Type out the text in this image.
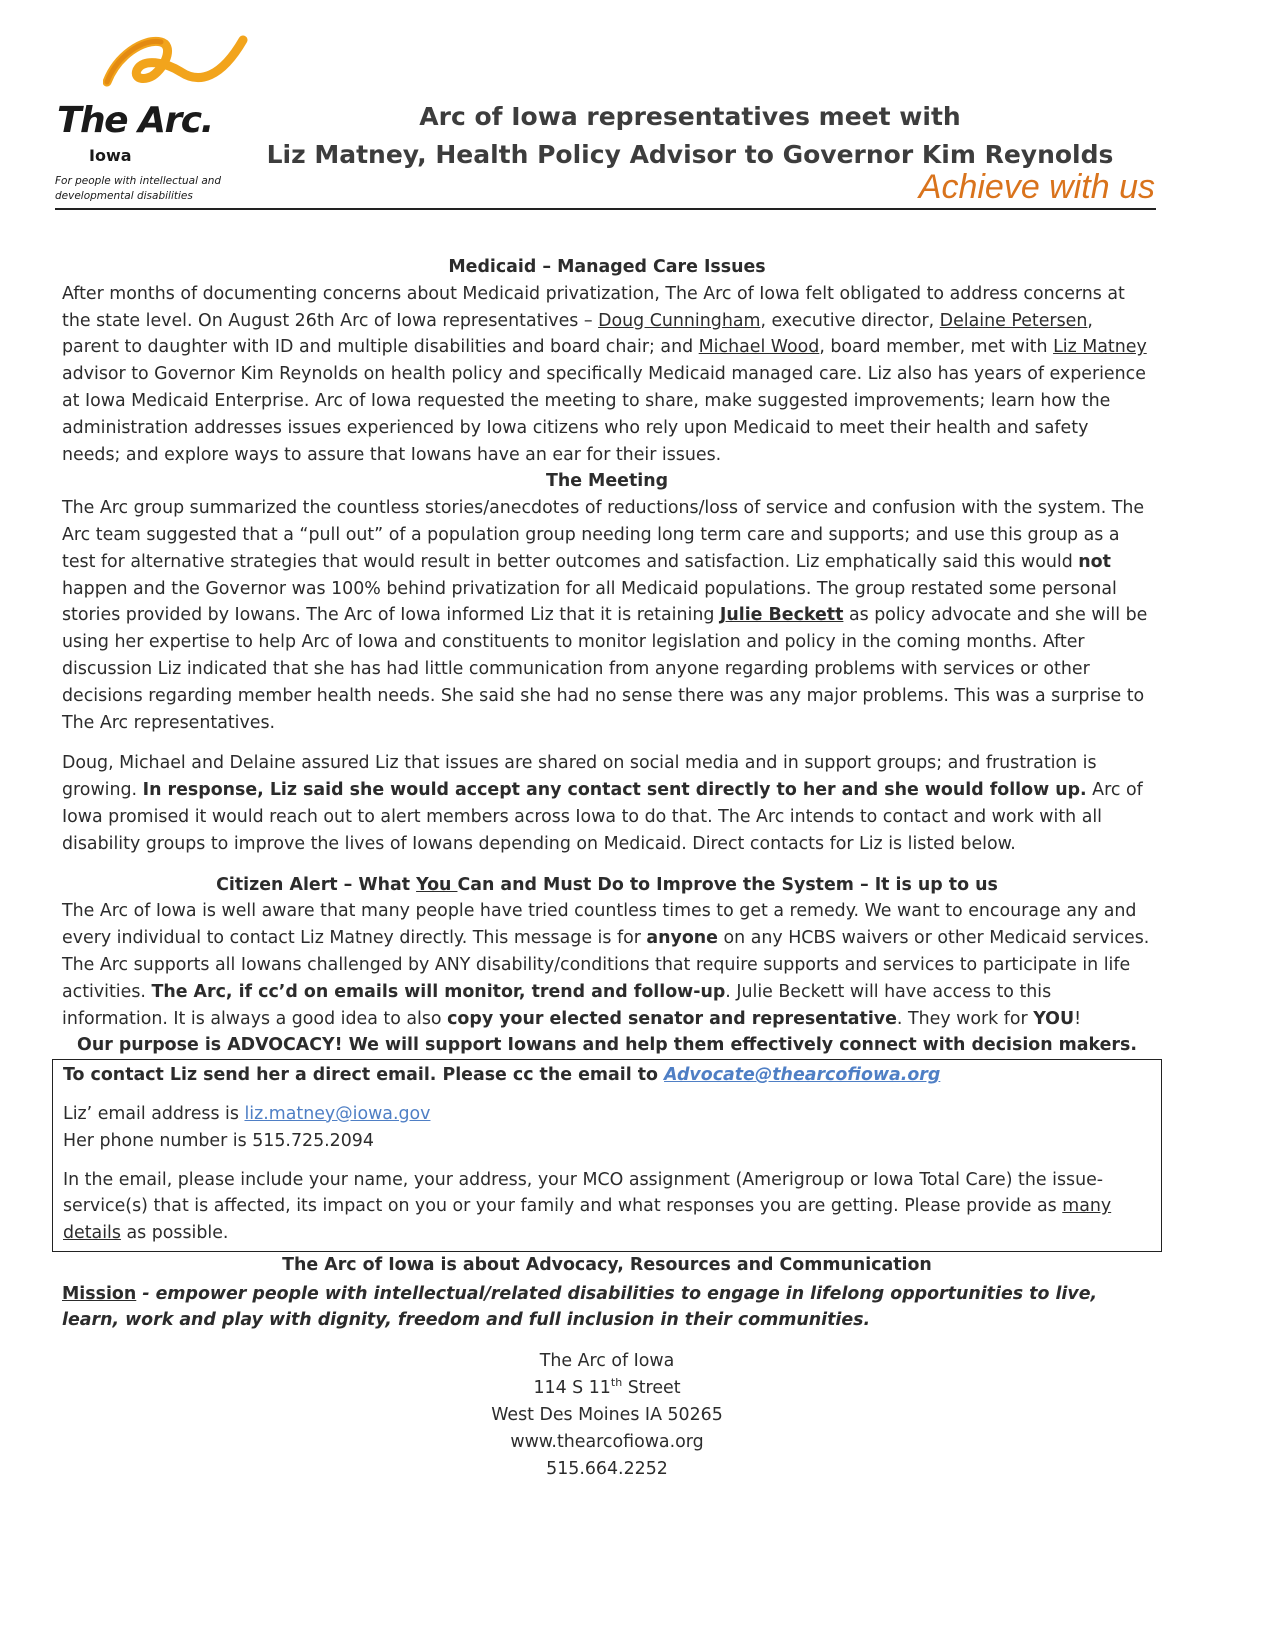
The Arc.

Iowa

For people with intellectual and developmental disabilities

Arc of Iowa representatives meet with
Liz Matney, Health Policy Advisor to Governor Kim Reynolds

Achieve with us

Medicaid – Managed Care Issues

After months of documenting concerns about Medicaid privatization, The Arc of Iowa felt obligated to address concerns at the state level. On August 26th Arc of Iowa representatives – Doug Cunningham, executive director, Delaine Petersen, parent to daughter with ID and multiple disabilities and board chair; and Michael Wood, board member, met with Liz Matney advisor to Governor Kim Reynolds on health policy and specifically Medicaid managed care. Liz also has years of experience at Iowa Medicaid Enterprise. Arc of Iowa requested the meeting to share, make suggested improvements; learn how the administration addresses issues experienced by Iowa citizens who rely upon Medicaid to meet their health and safety needs; and explore ways to assure that Iowans have an ear for their issues.

The Meeting

The Arc group summarized the countless stories/anecdotes of reductions/loss of service and confusion with the system. The Arc team suggested that a “pull out” of a population group needing long term care and supports; and use this group as a test for alternative strategies that would result in better outcomes and satisfaction. Liz emphatically said this would not happen and the Governor was 100% behind privatization for all Medicaid populations. The group restated some personal stories provided by Iowans. The Arc of Iowa informed Liz that it is retaining Julie Beckett as policy advocate and she will be using her expertise to help Arc of Iowa and constituents to monitor legislation and policy in the coming months. After discussion Liz indicated that she has had little communication from anyone regarding problems with services or other decisions regarding member health needs. She said she had no sense there was any major problems. This was a surprise to The Arc representatives.

Doug, Michael and Delaine assured Liz that issues are shared on social media and in support groups; and frustration is growing. In response, Liz said she would accept any contact sent directly to her and she would follow up. Arc of Iowa promised it would reach out to alert members across Iowa to do that. The Arc intends to contact and work with all disability groups to improve the lives of Iowans depending on Medicaid. Direct contacts for Liz is listed below.

Citizen Alert – What You Can and Must Do to Improve the System – It is up to us

The Arc of Iowa is well aware that many people have tried countless times to get a remedy. We want to encourage any and every individual to contact Liz Matney directly. This message is for anyone on any HCBS waivers or other Medicaid services. The Arc supports all Iowans challenged by ANY disability/conditions that require supports and services to participate in life activities. The Arc, if cc’d on emails will monitor, trend and follow-up. Julie Beckett will have access to this information. It is always a good idea to also copy your elected senator and representative. They work for YOU!

Our purpose is ADVOCACY! We will support Iowans and help them effectively connect with decision makers.

To contact Liz send her a direct email. Please cc the email to Advocate@thearcofiowa.org

Liz’ email address is liz.matney@iowa.gov

Her phone number is 515.725.2094

In the email, please include your name, your address, your MCO assignment (Amerigroup or Iowa Total Care) the issue-service(s) that is affected, its impact on you or your family and what responses you are getting. Please provide as many details as possible.

The Arc of Iowa is about Advocacy, Resources and Communication

Mission - empower people with intellectual/related disabilities to engage in lifelong opportunities to live, learn, work and play with dignity, freedom and full inclusion in their communities.

The Arc of Iowa
114 S 11th Street
West Des Moines IA 50265
www.thearcofiowa.org
515.664.2252
